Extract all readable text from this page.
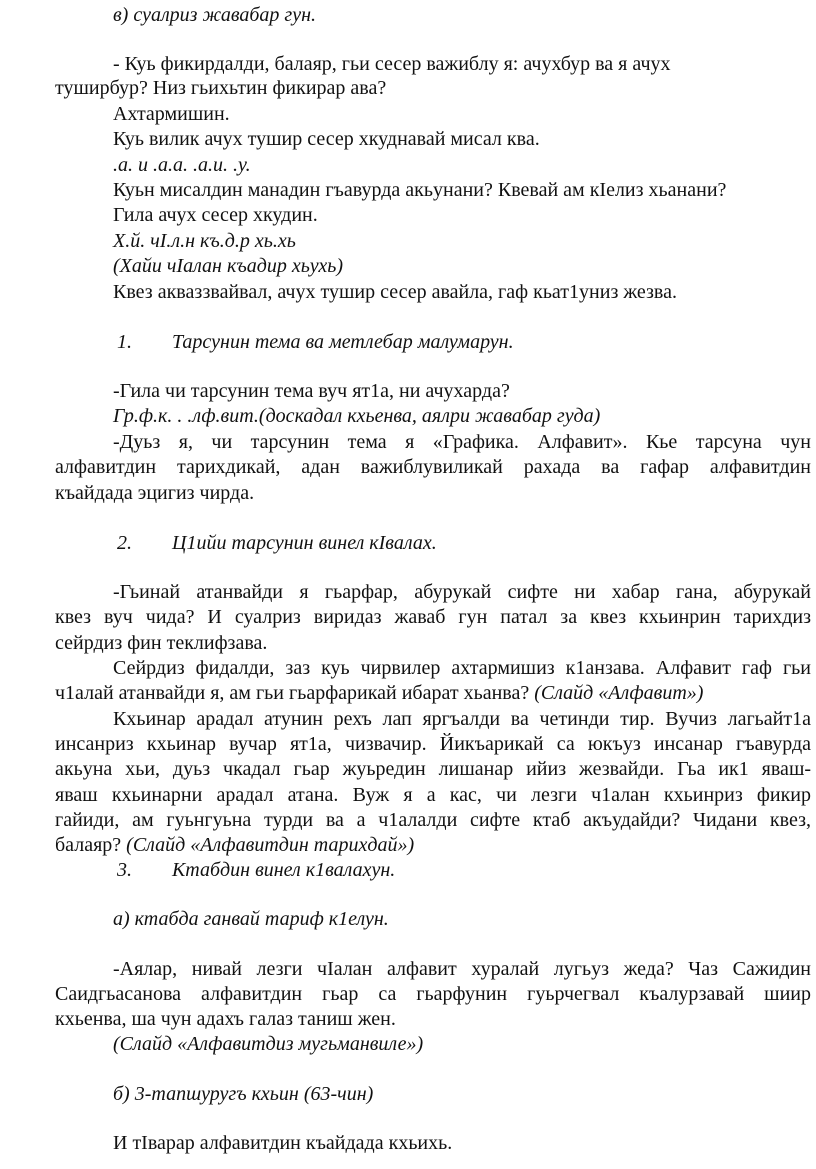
в) суалриз жавабар гун.

- Куь фикирдалди, балаяр, гьи сесер важиблу я: ачухбур ва я ачух

туширбур? Низ гьихьтин фикирар ава?

Ахтармишин.

Куь вилик ачух тушир сесер хкуднавай мисал ква.

.а. и .а.а. .а.и. .у.

Куьн мисалдин манадин гъавурда акьунани? Квевай ам кIелиз хьанани?

Гила ачух сесер хкудин.

Х.й. чI.л.н къ.д.р хь.хь

(Хайи чIалан къадир хьухь)

Квез акваззвайвал, ачух тушир сесер авайла, гаф кьат1униз жезва.

1. Тарсунин тема ва метлебар малумарун.

-Гила чи тарсунин тема вуч ят1а, ни ачухарда?

Гр.ф.к. . .лф.вит.(доскадал кхьенва, аялри жавабар гуда)

-Дуьз я, чи тарсунин тема я «Графика. Алфавит». Кье тарсуна чун

алфавитдин тарихдикай, адан важиблувиликай рахада ва гафар алфавитдин

къайдада эцигиз чирда.

2. Ц1ийи тарсунин винел кIвалах.

-Гьинай атанвайди я гьарфар, абурукай сифте ни хабар гана, абурукай

квез вуч чида? И суалриз виридаз жаваб гун патал за квез кхьинрин тарихдиз

сейрдиз фин теклифзава.

Сейрдиз фидалди, заз куь чирвилер ахтармишиз к1анзава. Алфавит гаф гьи

ч1алай атанвайди я, ам гьи гьарфарикай ибарат хьанва? (Слайд «Алфавит»)

Кхьинар арадал атунин рехъ лап яргъалди ва четинди тир. Вучиз лагьайт1а

инсанриз кхьинар вучар ят1а, чизвачир. Йикъарикай са юкъуз инсанар гъавурда

акьуна хьи, дуьз чкадал гьар жуьредин лишанар ийиз жезвайди. Гьа ик1 яваш-

яваш кхьинарни арадал атана. Вуж я а кас, чи лезги ч1алан кхьинриз фикир

гайиди, ам гуьнгуьна турди ва а ч1алалди сифте ктаб акъудайди? Чидани квез,

балаяр? (Слайд «Алфавитдин тарихдай»)

3. Ктабдин винел к1валахун.

а) ктабда ганвай тариф к1елун.

-Аялар, нивай лезги чIалан алфавит хуралай лугьуз жеда? Чаз Сажидин

Саидгьасанова алфавитдин гьар са гьарфунин гуьрчегвал къалурзавай шиир

кхьенва, ша чун адахъ галаз таниш жен.

(Слайд «Алфавитдиз мугьманвиле»)

б) 3-тапшуругъ кхьин (63-чин)

И тIварар алфавитдин къайдада кхьихь.
